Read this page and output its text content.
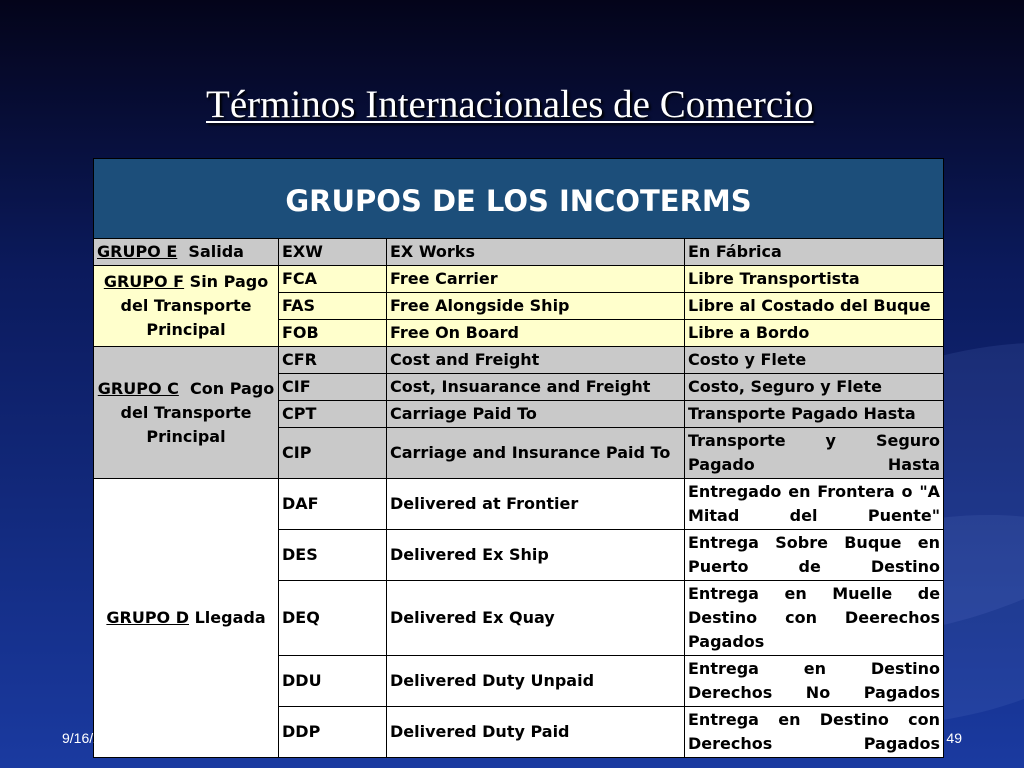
Términos Internacionales de Comercio
GRUPOS DE LOS INCOTERMS			
GRUPO E Salida	EXW	EX Works	En Fábrica
GRUPO F Sin Pago del Transporte Principal	FCA	Free Carrier	Libre Transportista
	FAS	Free Alongside Ship	Libre al Costado del Buque
	FOB	Free On Board	Libre a Bordo
GRUPO C Con Pago del Transporte Principal	CFR	Cost and Freight	Costo y Flete
	CIF	Cost, Insuarance and Freight	Costo, Seguro y Flete
	CPT	Carriage Paid To	Transporte Pagado Hasta
	CIP	Carriage and Insurance Paid To	Transporte y Seguro Pagado Hasta
GRUPO D Llegada	DAF	Delivered at Frontier	Entregado en Frontera o "A Mitad del Puente"
	DES	Delivered Ex Ship	Entrega Sobre Buque en Puerto de Destino
	DEQ	Delivered Ex Quay	Entrega en Muelle de Destino con Deerechos Pagados
	DDU	Delivered Duty Unpaid	Entrega en Destino Derechos No Pagados
	DDP	Delivered Duty Paid	Entrega en Destino con Derechos Pagados
9/16/2018	49
